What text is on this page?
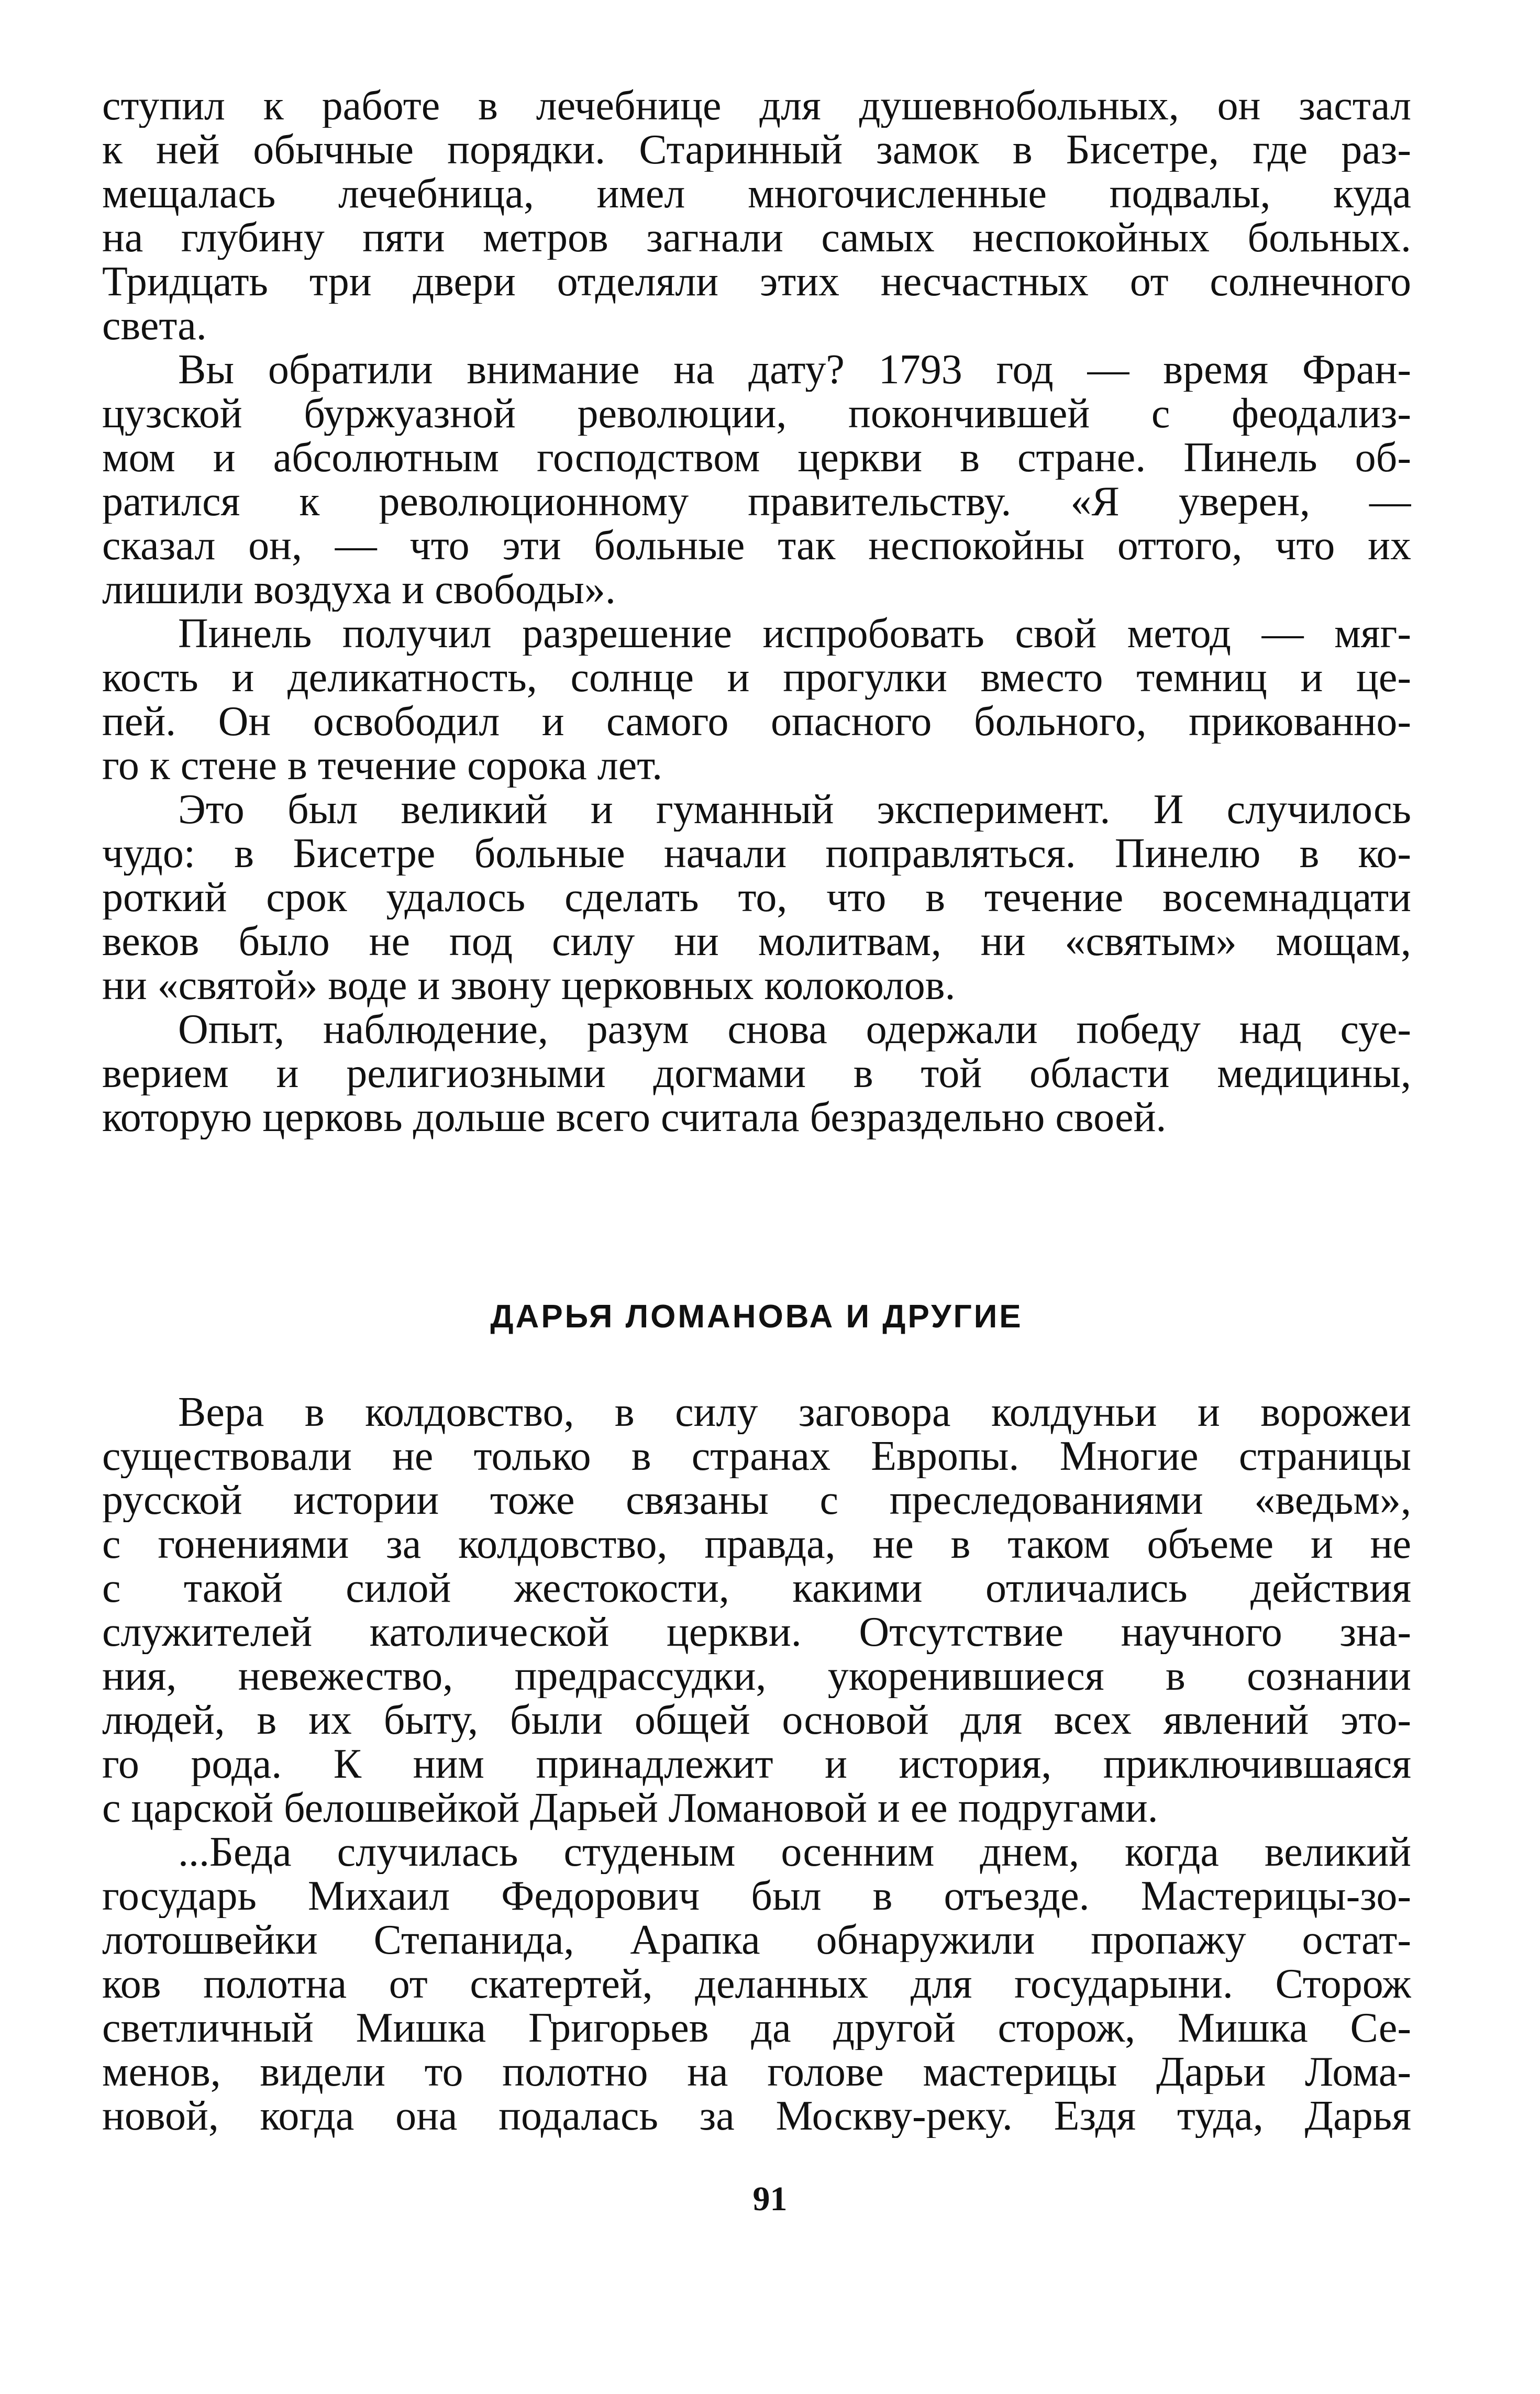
ступил к работе в лечебнице для душевнобольных, он застал
к ней обычные порядки. Старинный замок в Бисетре, где раз-
мещалась лечебница, имел многочисленные подвалы, куда
на глубину пяти метров загнали самых неспокойных больных.
Тридцать три двери отделяли этих несчастных от солнечного
света.
Вы обратили внимание на дату? 1793 год — время Фран-
цузской буржуазной революции, покончившей с феодализ-
мом и абсолютным господством церкви в стране. Пинель об-
ратился к революционному правительству. «Я уверен, —
сказал он, — что эти больные так неспокойны оттого, что их
лишили воздуха и свободы».
Пинель получил разрешение испробовать свой метод — мяг-
кость и деликатность, солнце и прогулки вместо темниц и це-
пей. Он освободил и самого опасного больного, прикованно-
го к стене в течение сорока лет.
Это был великий и гуманный эксперимент. И случилось
чудо: в Бисетре больные начали поправляться. Пинелю в ко-
роткий срок удалось сделать то, что в течение восемнадцати
веков было не под силу ни молитвам, ни «святым» мощам,
ни «святой» воде и звону церковных колоколов.
Опыт, наблюдение, разум снова одержали победу над суе-
верием и религиозными догмами в той области медицины,
которую церковь дольше всего считала безраздельно своей.
ДАРЬЯ ЛОМАНОВА И ДРУГИЕ
Вера в колдовство, в силу заговора колдуньи и ворожеи
существовали не только в странах Европы. Многие страницы
русской истории тоже связаны с преследованиями «ведьм»,
с гонениями за колдовство, правда, не в таком объеме и не
с такой силой жестокости, какими отличались действия
служителей католической церкви. Отсутствие научного зна-
ния, невежество, предрассудки, укоренившиеся в сознании
людей, в их быту, были общей основой для всех явлений это-
го рода. К ним принадлежит и история, приключившаяся
с царской белошвейкой Дарьей Ломановой и ее подругами.
...Беда случилась студеным осенним днем, когда великий
государь Михаил Федорович был в отъезде. Мастерицы-зо-
лотошвейки Степанида, Арапка обнаружили пропажу остат-
ков полотна от скатертей, деланных для государыни. Сторож
светличный Мишка Григорьев да другой сторож, Мишка Се-
менов, видели то полотно на голове мастерицы Дарьи Лома-
новой, когда она подалась за Москву-реку. Ездя туда, Дарья
91
